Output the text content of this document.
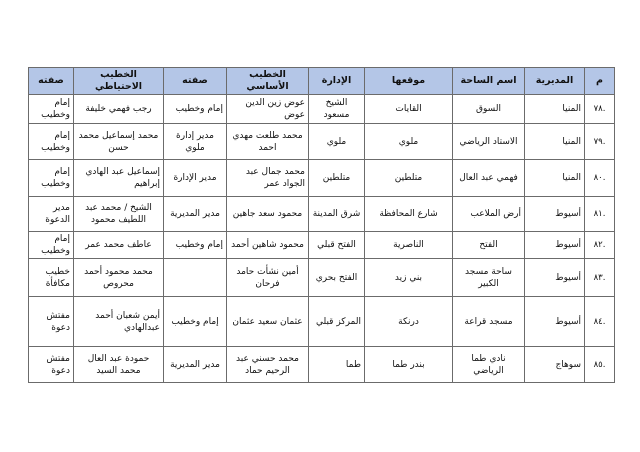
م	المديرية	اسم الساحة	موقعها	الإدارة	الخطيب الأساسي	صفته	الخطيب الاحتياطي	صفته
.٧٨	المنيا	السوق	القايات	الشيخ مسعود	عوض زين الدين عوض	إمام وخطيب	رجب فهمي خليفة	إمام وخطيب
.٧٩	المنيا	الاستاد الرياضي	ملوي	ملوي	محمد طلعت مهدي احمد	مدير إدارة ملوي	محمد إسماعيل محمد حسن	إمام وخطيب
.٨٠	المنيا	فهمي عبد العال	متلطين	متلطين	محمد جمال عبد الجواد عمر	مدير الإدارة	إسماعيل عبد الهادي إبراهيم	إمام وخطيب
.٨١	أسيوط	أرض الملاعب	شارع المحافظة	شرق المدينة	محمود سعد جاهين	مدير المديرية	الشيخ / محمد عبد اللطيف محمود	مدير الدعوة
.٨٢	أسيوط	الفتح	الناصرية	الفتح قبلي	محمود شاهين أحمد	إمام وخطيب	عاطف محمد عمر	إمام وخطيب
.٨٣	أسيوط	ساحة مسجد الكبير	بني زيد	الفتح بحري	أمين نشأت حامد فرحان		محمد محمود أحمد محروص	خطيب مكافأة
.٨٤	أسيوط	مسجد قراعة	درنكة	المركز قبلي	عثمان سعيد عثمان	إمام وخطيب	أيمن شعبان أحمد عبدالهادي	مفتش دعوة
.٨٥	سوهاج	نادي طما الرياضي	بندر طما	طما	محمد حسني عبد الرحيم حماد	مدير المديرية	حمودة عبد العال محمد السيد	مفتش دعوة
